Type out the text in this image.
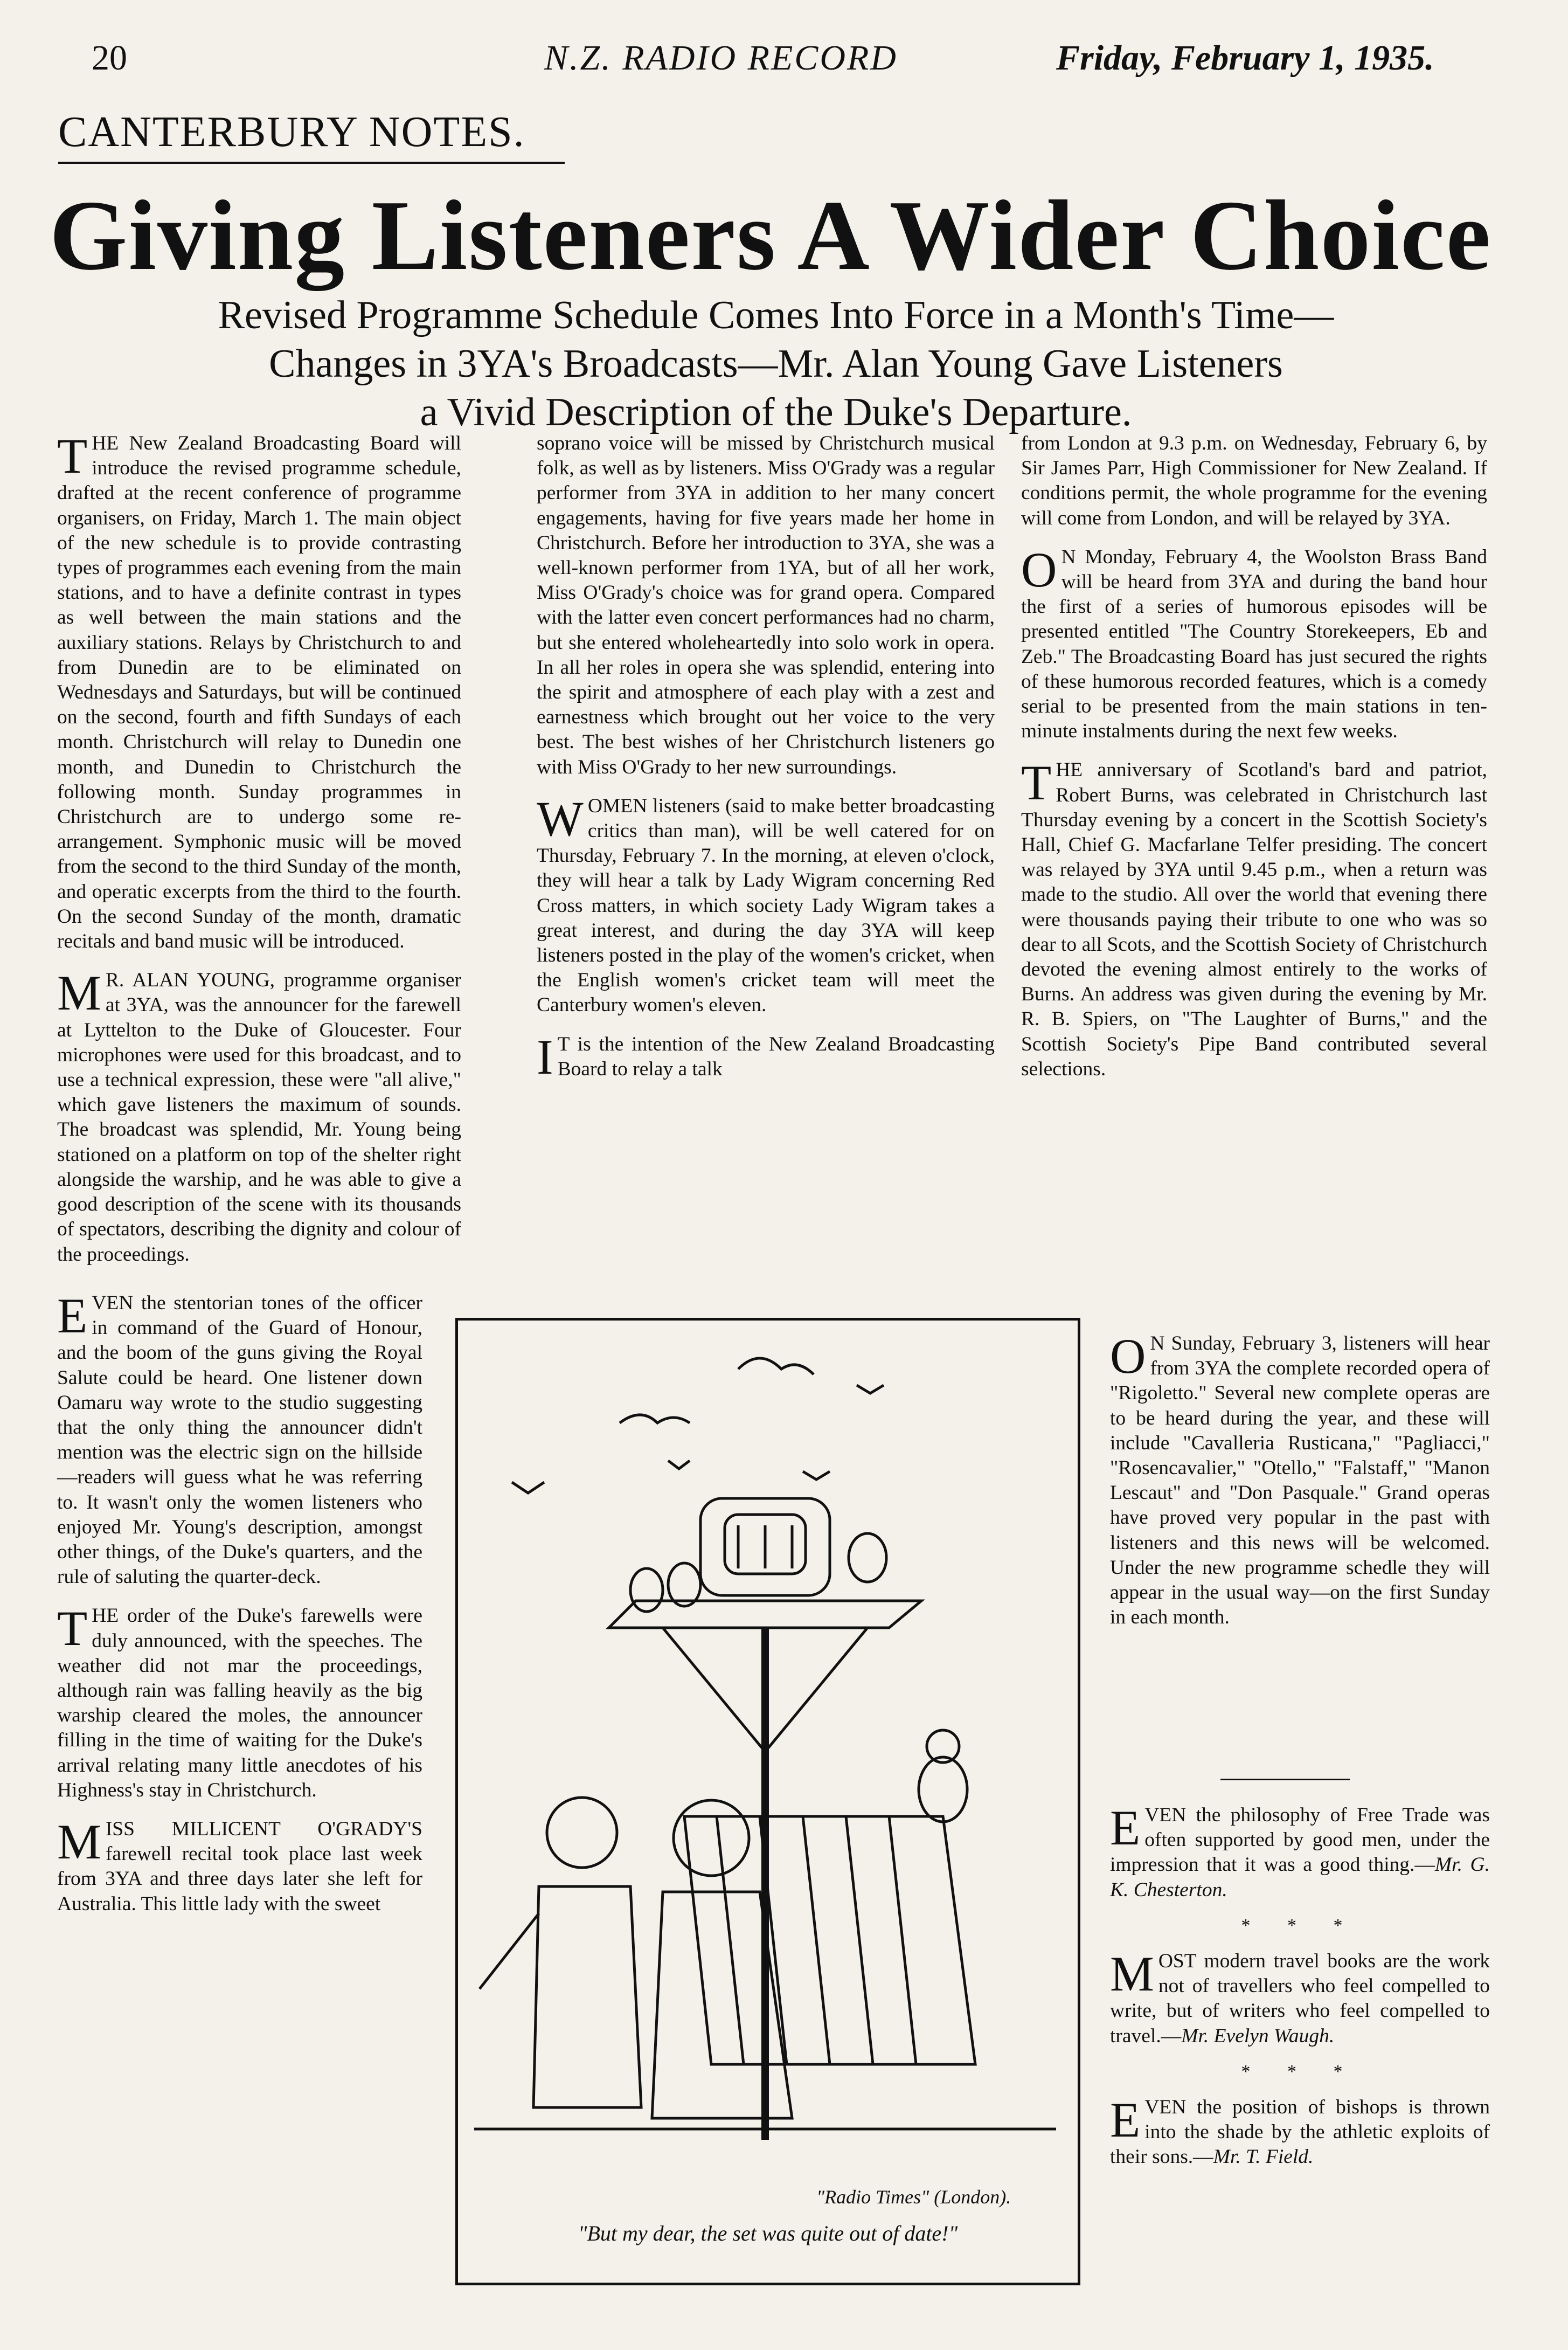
20	N.Z. RADIO RECORD	Friday, February 1, 1935.
CANTERBURY NOTES.
Giving Listeners A Wider Choice
Revised Programme Schedule Comes Into Force in a Month's Time—
Changes in 3YA's Broadcasts—Mr. Alan Young Gave Listeners
a Vivid Description of the Duke's Departure.

THE New Zealand Broadcasting Board will introduce the revised programme schedule, drafted at the recent conference of programme organisers, on Friday, March 1. The main object of the new schedule is to provide contrasting types of programmes each evening from the main stations, and to have a definite contrast in types as well between the main stations and the auxiliary stations. Relays by Christchurch to and from Dunedin are to be eliminated on Wednesdays and Saturdays, but will be continued on the second, fourth and fifth Sundays of each month. Christchurch will relay to Dunedin one month, and Dunedin to Christchurch the following month. Sunday programmes in Christchurch are to undergo some re-arrangement. Symphonic music will be moved from the second to the third Sunday of the month, and operatic excerpts from the third to the fourth. On the second Sunday of the month, dramatic recitals and band music will be introduced.

M R. ALAN YOUNG, programme organiser at 3YA, was the announcer for the farewell at Lyttelton to the Duke of Gloucester. Four microphones were used for this broadcast, and to use a technical expression, these were "all alive," which gave listeners the maximum of sounds. The broadcast was splendid, Mr. Young being stationed on a platform on top of the shelter right alongside the warship, and he was able to give a good description of the scene with its thousands of spectators, describing the dignity and colour of the proceedings.

EVEN the stentorian tones of the officer in command of the Guard of Honour, and the boom of the guns giving the Royal Salute could be heard. One listener down Oamaru way wrote to the studio suggesting that the only thing the announcer didn't mention was the electric sign on the hillside—readers will guess what he was referring to. It wasn't only the women listeners who enjoyed Mr. Young's description, amongst other things, of the Duke's quarters, and the rule of saluting the quarter-deck.

THE order of the Duke's farewells were duly announced, with the speeches. The weather did not mar the proceedings, although rain was falling heavily as the big warship cleared the moles, the announcer filling in the time of waiting for the Duke's arrival relating many little anecdotes of his Highness's stay in Christchurch.

MISS MILLICENT O'GRADY'S farewell recital took place last week from 3YA and three days later she left for Australia. This little lady with the sweet

soprano voice will be missed by Christchurch musical folk, as well as by listeners. Miss O'Grady was a regular performer from 3YA in addition to her many concert engagements, having for five years made her home in Christchurch. Before her introduction to 3YA, she was a well-known performer from 1YA, but of all her work, Miss O'Grady's choice was for grand opera. Compared with the latter even concert performances had no charm, but she entered wholeheartedly into solo work in opera. In all her roles in opera she was splendid, entering into the spirit and atmosphere of each play with a zest and earnestness which brought out her voice to the very best. The best wishes of her Christchurch listeners go with Miss O'Grady to her new surroundings.

WOMEN listeners (said to make better broadcasting critics than man), will be well catered for on Thursday, February 7. In the morning, at eleven o'clock, they will hear a talk by Lady Wigram concerning Red Cross matters, in which society Lady Wigram takes a great interest, and during the day 3YA will keep listeners posted in the play of the women's cricket, when the English women's cricket team will meet the Canterbury women's eleven.

I T is the intention of the New Zealand Broadcasting Board to relay a talk

from London at 9.3 p.m. on Wednesday, February 6, by Sir James Parr, High Commissioner for New Zealand. If conditions permit, the whole programme for the evening will come from London, and will be relayed by 3YA.

O N Monday, February 4, the Woolston Brass Band will be heard from 3YA and during the band hour the first of a series of humorous episodes will be presented entitled "The Country Storekeepers, Eb and Zeb." The Broadcasting Board has just secured the rights of these humorous recorded features, which is a comedy serial to be presented from the main stations in ten-minute instalments during the next few weeks.

THE anniversary of Scotland's bard and patriot, Robert Burns, was celebrated in Christchurch last Thursday evening by a concert in the Scottish Society's Hall, Chief G. Macfarlane Telfer presiding. The concert was relayed by 3YA until 9.45 p.m., when a return was made to the studio. All over the world that evening there were thousands paying their tribute to one who was so dear to all Scots, and the Scottish Society of Christchurch devoted the evening almost entirely to the works of Burns. An address was given during the evening by Mr. R. B. Spiers, on "The Laughter of Burns," and the Scottish Society's Pipe Band contributed several selections.

O N Sunday, February 3, listeners will hear from 3YA the complete recorded opera of "Rigoletto." Several new complete operas are to be heard during the year, and these will include "Cavalleria Rusticana," "Pagliacci," "Rosencavalier," "Otello," "Falstaff," "Manon Lescaut" and "Don Pasquale." Grand operas have proved very popular in the past with listeners and this news will be welcomed. Under the new programme schedle they will appear in the usual way—on the first Sunday in each month.

EVEN the philosophy of Free Trade was often supported by good men, under the impression that it was a good thing.—Mr. G. K. Chesterton.

* * *

MOST modern travel books are the work not of travellers who feel compelled to write, but of writers who feel compelled to travel.—Mr. Evelyn Waugh.

* * *

EVEN the position of bishops is thrown into the shade by the athletic exploits of their sons.—Mr. T. Field.

"Radio Times" (London).
"But my dear, the set was quite out of date!"
